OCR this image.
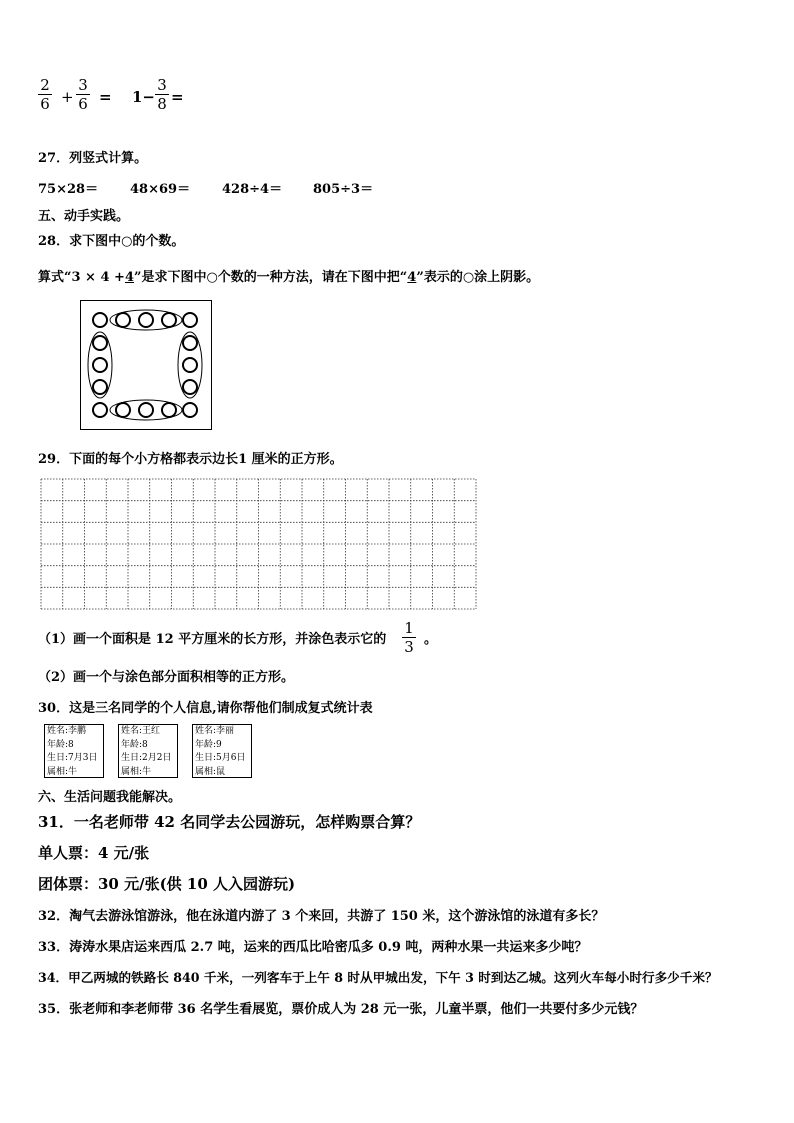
2
6 +
3
6 = 1−
3
8 =
27．列竖式计算。
75×28＝ 48×69＝ 428÷4＝ 805÷3＝
五、动手实践。
28．求下图中○的个数。
算式“3 × 4 +4”是求下图中○个数的一种方法，请在下图中把“4”表示的○涂上阴影。
29．下面的每个小方格都表示边长1 厘米的正方形。
（1）画一个面积是 12 平方厘米的长方形，并涂色表示它的
1
3 。
（2）画一个与涂色部分面积相等的正方形。
30．这是三名同学的个人信息,请你帮他们制成复式统计表
姓名:李鹏
年龄:8
生日:7月3日
属相:牛
姓名:王红
年龄:8
生日:2月2日
属相:牛
姓名:李丽
年龄:9
生日:5月6日
属相:鼠
六、生活问题我能解决。
31．一名老师带 42 名同学去公园游玩，怎样购票合算？
单人票：4 元/张
团体票：30 元/张(供 10 人入园游玩)
32．淘气去游泳馆游泳，他在泳道内游了 3 个来回，共游了 150 米，这个游泳馆的泳道有多长？
33．涛涛水果店运来西瓜 2.7 吨，运来的西瓜比哈密瓜多 0.9 吨，两种水果一共运来多少吨？
34．甲乙两城的铁路长 840 千米，一列客车于上午 8 时从甲城出发，下午 3 时到达乙城。这列火车每小时行多少千米？
35．张老师和李老师带 36 名学生看展览，票价成人为 28 元一张，儿童半票，他们一共要付多少元钱？
